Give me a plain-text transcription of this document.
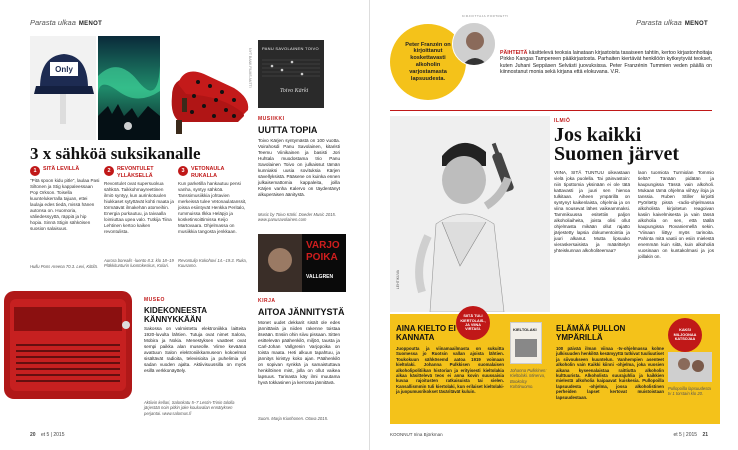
Parasta ulkaa MENOT
Only	NYT BANK FILMS ANTTI
3 x sähköä suksikanalle
1	SITÄ LEVILLÄ
"Pitä spoon kidu pitle", laulaa Pasi Siltonen ja Stig kappaleessaan Pop Orkson. Toisella kuuntelukerralla tajuan, ettei laulaja edes tiedä, missä hänen autonsa on. Huomoria, väliedessyyttä, räppiä ja hip hopia. Sinnä Stigin sähköisen suosion salaisuus.
2	REVONTULET YLLÄKSELLÄ
Revontulet ovat supersuokua sähköä. Taikkohmayreettinen ilmiö syntyy, kun aurinkotuulen hiukkaset sytyttävät kohti maata ja törmäävät ilmakehän atomeihin. Energia purkautuu, ja taivaalla loimiuttaa upea valo. Tutkija Tiina Lehtinen kertoo kaiken revontulista.
3	VETONAULA RUKALLA
Kun parketilla hankautuu pensi vanha, syntyy sähköä. Tanssimusiikkia johtavien merkeissä tulee Vetonaulatanssit, joissa esiintyvät Henkka Peritalo, rummuissa Ilkka Heläpjo ja kosketinsoittimissa Keijo Martovaara. Ohjelmassa on musiikkia tangosta jenkkaan.
Hullu Pons Areena 70.3. Levi, Kittilä.
Aurora borealis -luento 8.3. klo 18–19 Pläkkitunturin luontokeskus, Kolari.
Revontulip Kokohovi 14.–19.3. Ruka, Kuusamo.
PANU SAVOLAINEN TOIVO
Toivo Kärki
MUSIIKKI
UUTTA TOPIA
Toivo Kärjen syntymästä on 100 vuotta. Voirahosdi Panu Savolainen, kitaristi Teemu Viinikainen ja basisti Jori Huhtala muodostama trio Panu Savolainen Toivo on julkaissut tämän kunniaksi uusia sovituksia Kärjen sävellyksistä. Pääsene on kuinka ennen julkaisemattomia kappaleita, joilla Kärjen vanha Kalervo on täydentänyt alkuperäisen äänitystä.
Music by Toivo Kärki. Doeder Music 2015. www.panusavolainen.com
VARJO
POIKA
VALLGREN
KIRJA
AITOA JÄNNITYSTÄ
Monet uudet dekkarit sisält ole edes jännittäviä ja niiden rakenne toistaa itseään. Ensiin ohin siivu pissaan. Sitten esittelevän päähenkilö, miljöö, tausta ja Carl-Johan Vallgrenin Varjopoika on toista maata. Heti alkuun tapahtuu, ja jännitys kiristyy koko ajan. Päähenkilö on sopivan synkkä ja samaistuttava henkilöinen mist, jolla on ollut vaikea lapsuus. Tarinasta käy ilmi muutama hyvä tokkasinen ja kerronta jännitävä.
Suom. Marja Kiunhonen. Otava 2015.
MUSEO
KIDEKONEESTA KÄNNYKKÄÄN
Sakossa on valmistettu elektroniikka laitteita 1920-luvulta lähtien. Tutuja ovat nimet Salora, Mobira ja Nokia. Menestyksen vaatteet ovat sempi paikka alan museolle. Viime keväänä avattuun Salon elektroniikkamuseon kokoelmat sisältävät radioita, televisioita ja puhelimia yli sadan vuoden ajalta. Aktiivisuussilla on myös esillä verkkonäyttely.
Aktiivin kellari, Salonkatu 5–7 Lestin-Trinin talolla järjestää noin pitkin joke kouluvalan ennätyksen perjantai. www.salomus.fi
20 et 5 | 2015
Parasta ulkaa MENOT
Peter Franzén on kirjoittanut koskettavasti alkoholin varjostamasta lapsuudesta.
KIRJOITTAJA PORTRETTI
PÄIHTEITÄ käsittelevä teoksia lainataan kirjastoista tasaiseen tahtiin, kertoo kirjastonhoitaja Pirkko Kangas Tampereen pääkirjastosta. Parhaiten kiertävät henkilöön kytkeytyvät teokset, kuten Juhani Seppäsen Selvästi juovuksissa. Peter Franzénin Tummien veden päällä on kiinnostanut monia sekä kirjana että elokuvana. V.R.
LEHTIKUVA
ILMIÖ
Jos kaikki Suomen järvet
VIINA, SITÄ TUNTUU oikeastaan vielä joka puolella. Tai päinvastoin: niin tipottomia yksinään ei ole tätä kattavasti ja juuri sen hienoa tulkitaan. Aiheen ympärillä on syntynyt kaikenlaista, ohjelmia ja on viina nousevat lähes vaikeammaksi. Tammikuussa esitettiin paljon alkoholiaiheita, joista olisi ollut ohjelmasta mikään ollut rajatto järjestetty lapsia dokumentointia ja juuri alkanut. Mutta lipsuuko vieraskersaisista ja määrittelyn yhteiskunnan alkoholiteemaa?
laon tuomiota Turmiolan Tommio tieltä? Tänään pidätän ja kaupungissa Tässä vain alkoholi. Mukaan tämä ohjelma viihtyy iloja ja tanssia. Ruben Stiller kirjoitti Pyöritetty pissä -radio-ohjelmassa alkoholista kirjoitetun reagoivan kasiin kaivelmisesta ja vain tässä alkoholia on sen, että täällä kaupungissa Rovaniemellä sekin. "Viinaan liittyy myös tarinoita. Pahinta mitä vaatii on esiin mielestä enemmän kuin siitä, kuin alkoholiä vuosinaan on kuntakolmasi ja jos joillakin on.
SIITÄ TULI KIERTOLAIS-, JA VIINA VIRTASI.
AINA KIELTO EI KANNATA
Juoppoutta ja viinamaailmasta on sukuitta Suomessa jo Ruotsin vallan ajoista lähtien. Toukokuun sähkösemd aatoa 1919 voimaan kieltolaki. Johanna Pulkkisen suomalaisen alkoholipolitiikan historian ja erityisesti kieltolakia aikaa käsittelevä teos ei anna kovin suussaisia kuvaa rajoitusten ratkaisuista tai sielen. Kansallismmin tuli kiertolaki, kun erilaiset kieltolaki- ja juopumusrikokset täsäritävät kuluin.
KIELTOLAKI
Johanna Pulkkinen: Kieltolaki. Minerva, Bookolcy Kohtinuomo.
ELÄMÄÄ PULLON YMPÄRILLÄ
100 päivää ilman viinaa -tv-ohjelmassa kolme julkisuuden henkilöä kesämyyttä tutkivat tuuliuutiset ja siivoukseen kuuntelun. Vanhempien asenteet alkoholin vain Kaikki kiinni -ohjelma, joka vuosien aikana kyseenalaistaa raittiutta alkoholin kulttuurista. Alkoholista suurajuhlia ja kaikkien mielestä alkoholia kaipaavat kuiskesia. Pullopoilla lapsuudesta -ohjelma, jossa alkoholistinen perheiden lapset kertovat muistoistaan lapsuudestaan.
KAKSI MILJOONAA KATSOJAA
Pullopoilla lapsuudesta tv 1 torstain klo 20.
KOONNUT Irina Björkman	et 5 | 2015 21
